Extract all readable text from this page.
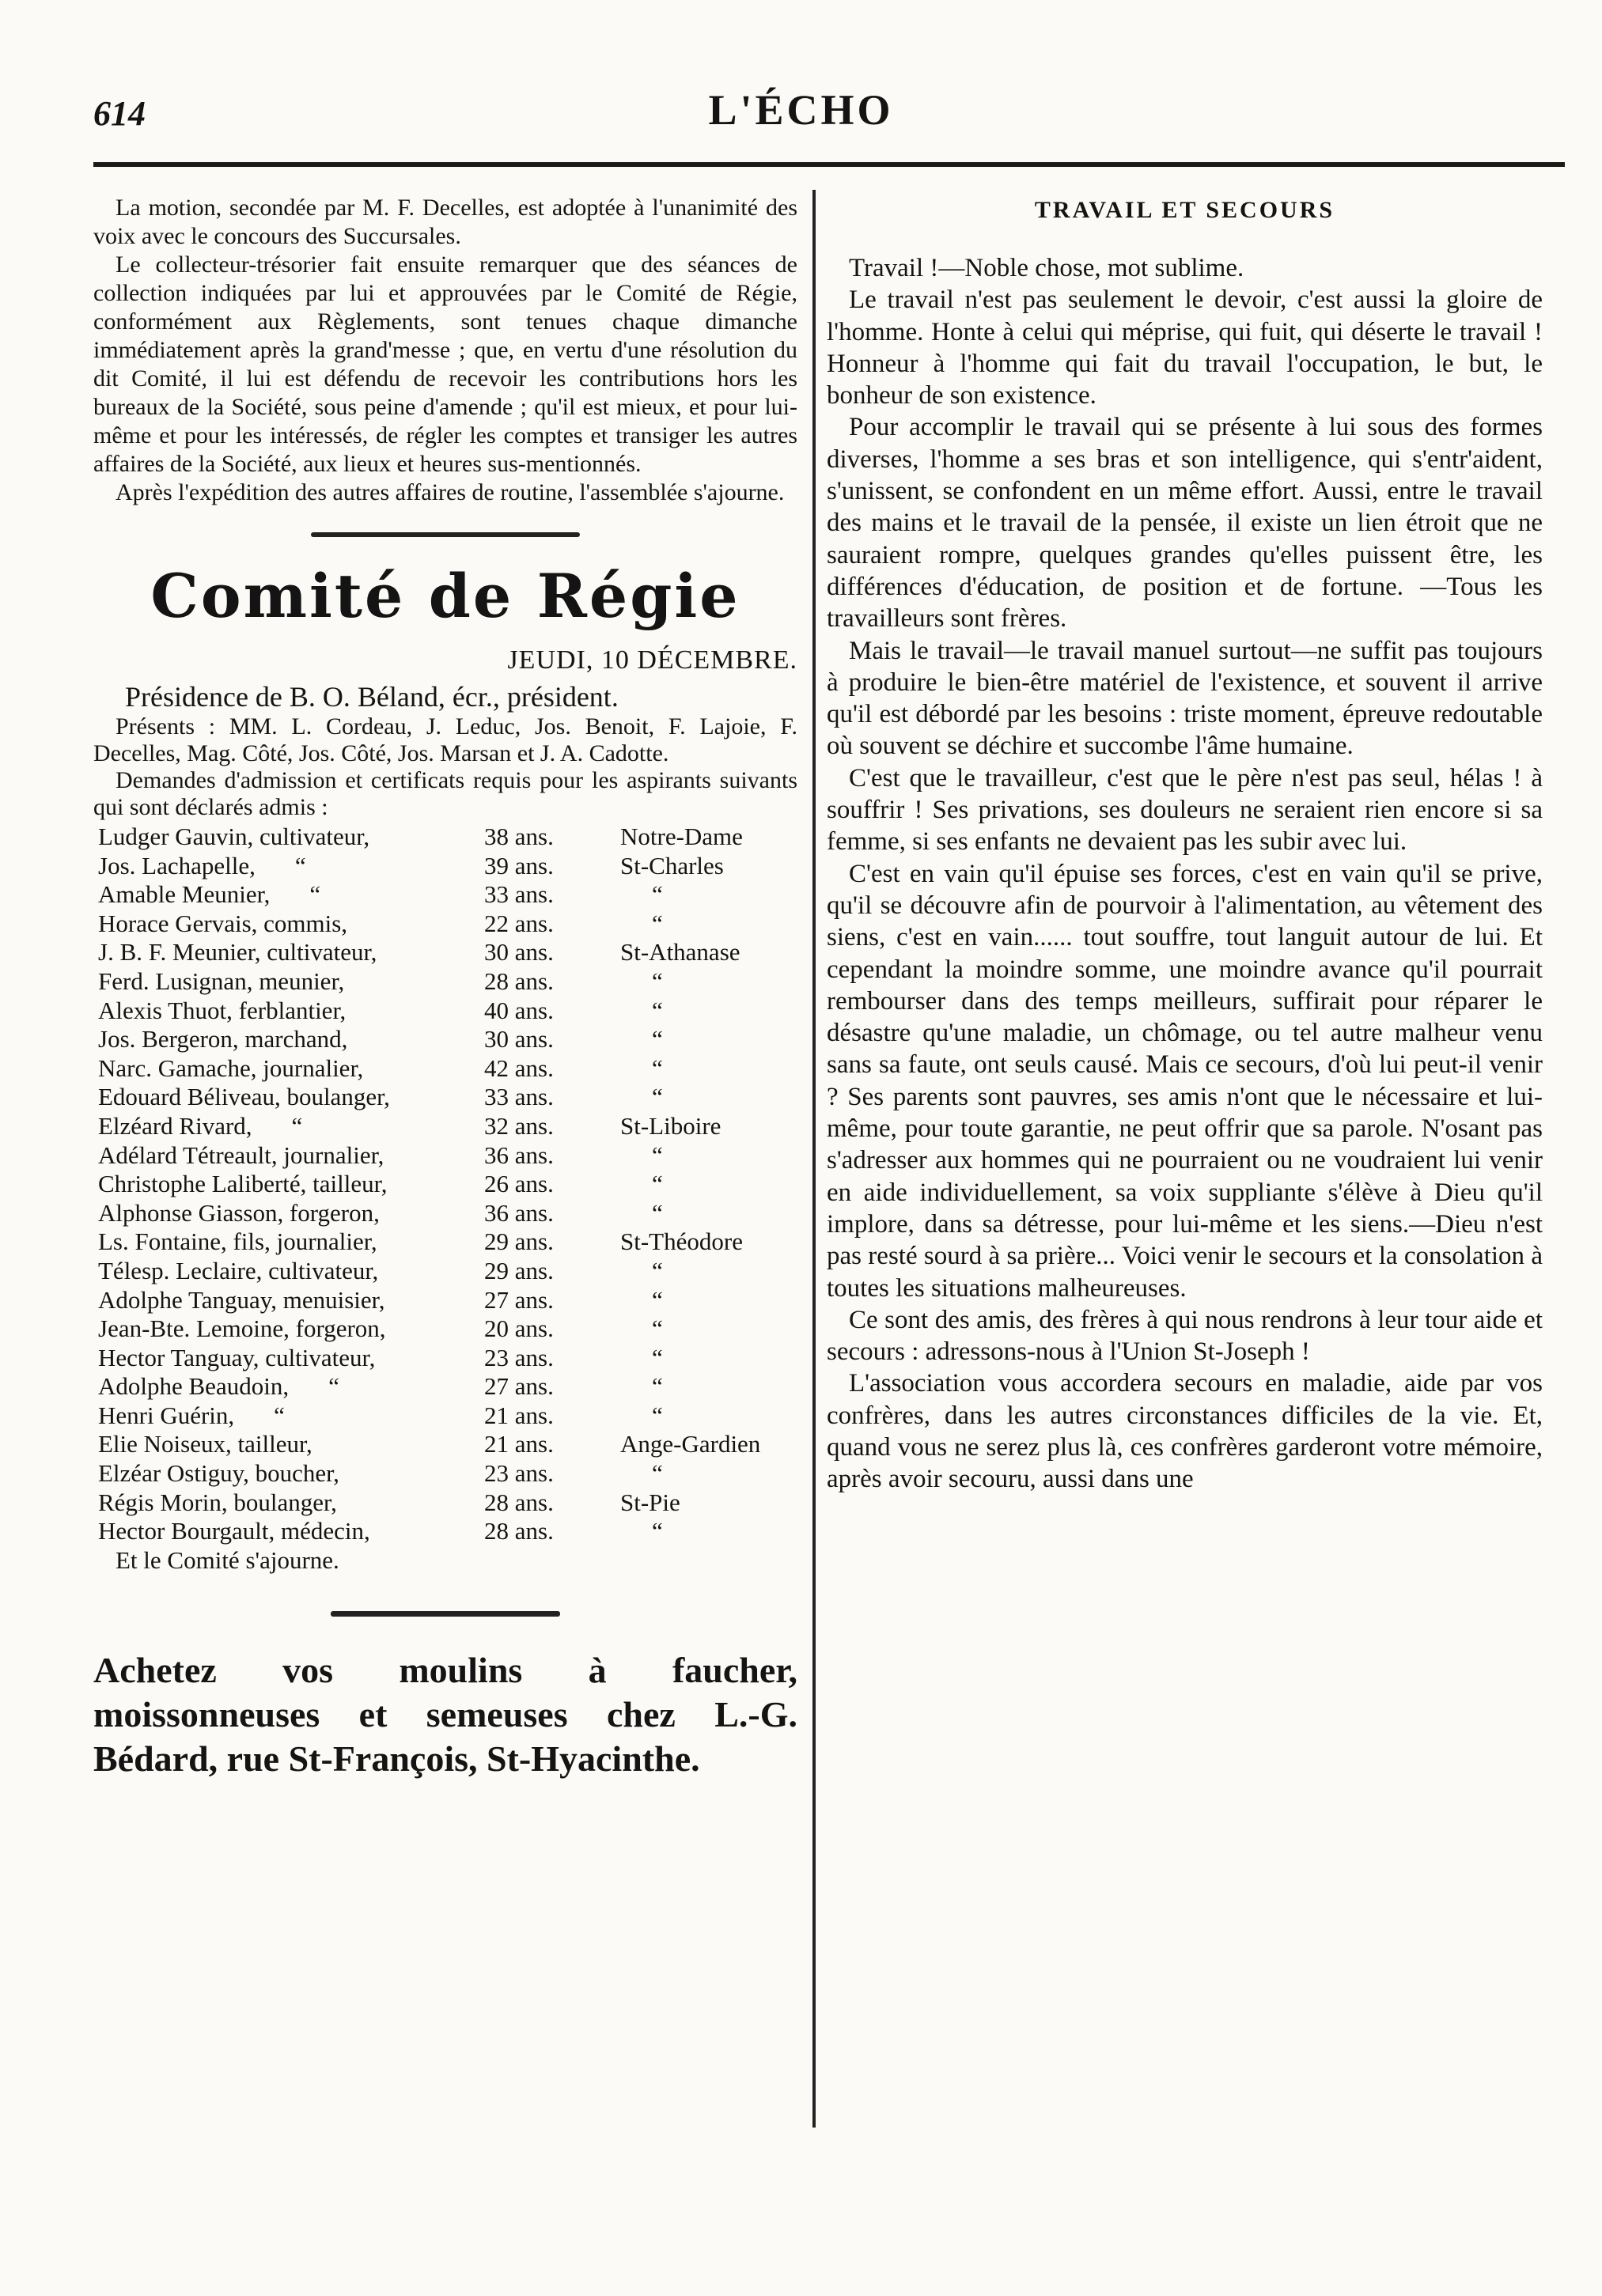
614	L'ÉCHO

La motion, secondée par M. F. Decelles, est adoptée à l'unanimité des voix avec le concours des Succursales.

Le collecteur-trésorier fait ensuite remarquer que des séances de collection indiquées par lui et approuvées par le Comité de Régie, conformément aux Règlements, sont tenues chaque dimanche immédiatement après la grand'messe ; que, en vertu d'une résolution du dit Comité, il lui est défendu de recevoir les contributions hors les bureaux de la Société, sous peine d'amende ; qu'il est mieux, et pour lui-même et pour les intéressés, de régler les comptes et transiger les autres affaires de la Société, aux lieux et heures sus-mentionnés.

Après l'expédition des autres affaires de routine, l'assemblée s'ajourne.

Comité de Régie
JEUDI, 10 DÉCEMBRE.

Présidence de B. O. Béland, écr., président.

Présents : MM. L. Cordeau, J. Leduc, Jos. Benoit, F. Lajoie, F. Decelles, Mag. Côté, Jos. Côté, Jos. Marsan et J. A. Cadotte.

Demandes d'admission et certificats requis pour les aspirants suivants qui sont déclarés admis :

Ludger Gauvin, cultivateur,	38 ans.	Notre-Dame
Jos. Lachapelle, “	39 ans.	St-Charles
Amable Meunier, “	33 ans.	“
Horace Gervais, commis,	22 ans.	“
J. B. F. Meunier, cultivateur,	30 ans.	St-Athanase
Ferd. Lusignan, meunier,	28 ans.	“
Alexis Thuot, ferblantier,	40 ans.	“
Jos. Bergeron, marchand,	30 ans.	“
Narc. Gamache, journalier,	42 ans.	“
Edouard Béliveau, boulanger,	33 ans.	“
Elzéard Rivard, “	32 ans.	St-Liboire
Adélard Tétreault, journalier,	36 ans.	“
Christophe Laliberté, tailleur,	26 ans.	“
Alphonse Giasson, forgeron,	36 ans.	“
Ls. Fontaine, fils, journalier,	29 ans.	St-Théodore
Télesp. Leclaire, cultivateur,	29 ans.	“
Adolphe Tanguay, menuisier,	27 ans.	“
Jean-Bte. Lemoine, forgeron,	20 ans.	“
Hector Tanguay, cultivateur,	23 ans.	“
Adolphe Beaudoin, “	27 ans.	“
Henri Guérin, “	21 ans.	“
Elie Noiseux, tailleur,	21 ans.	Ange-Gardien
Elzéar Ostiguy, boucher,	23 ans.	“
Régis Morin, boulanger,	28 ans.	St-Pie
Hector Bourgault, médecin,	28 ans.	“

Et le Comité s'ajourne.

Achetez vos moulins à faucher, moissonneuses et semeuses chez L.-G. Bédard, rue St-François, St-Hyacinthe.

TRAVAIL ET SECOURS

Travail !—Noble chose, mot sublime.

Le travail n'est pas seulement le devoir, c'est aussi la gloire de l'homme. Honte à celui qui méprise, qui fuit, qui déserte le travail ! Honneur à l'homme qui fait du travail l'occupation, le but, le bonheur de son existence.

Pour accomplir le travail qui se présente à lui sous des formes diverses, l'homme a ses bras et son intelligence, qui s'entr'aident, s'unissent, se confondent en un même effort. Aussi, entre le travail des mains et le travail de la pensée, il existe un lien étroit que ne sauraient rompre, quelques grandes qu'elles puissent être, les différences d'éducation, de position et de fortune. —Tous les travailleurs sont frères.

Mais le travail—le travail manuel surtout—ne suffit pas toujours à produire le bien-être matériel de l'existence, et souvent il arrive qu'il est débordé par les besoins : triste moment, épreuve redoutable où souvent se déchire et succombe l'âme humaine.

C'est que le travailleur, c'est que le père n'est pas seul, hélas ! à souffrir ! Ses privations, ses douleurs ne seraient rien encore si sa femme, si ses enfants ne devaient pas les subir avec lui.

C'est en vain qu'il épuise ses forces, c'est en vain qu'il se prive, qu'il se découvre afin de pourvoir à l'alimentation, au vêtement des siens, c'est en vain...... tout souffre, tout languit autour de lui. Et cependant la moindre somme, une moindre avance qu'il pourrait rembourser dans des temps meilleurs, suffirait pour réparer le désastre qu'une maladie, un chômage, ou tel autre malheur venu sans sa faute, ont seuls causé. Mais ce secours, d'où lui peut-il venir ? Ses parents sont pauvres, ses amis n'ont que le nécessaire et lui-même, pour toute garantie, ne peut offrir que sa parole. N'osant pas s'adresser aux hommes qui ne pourraient ou ne voudraient lui venir en aide individuellement, sa voix suppliante s'élève à Dieu qu'il implore, dans sa détresse, pour lui-même et les siens.—Dieu n'est pas resté sourd à sa prière... Voici venir le secours et la consolation à toutes les situations malheureuses.

Ce sont des amis, des frères à qui nous rendrons à leur tour aide et secours : adressons-nous à l'Union St-Joseph !

L'association vous accordera secours en maladie, aide par vos confrères, dans les autres circonstances difficiles de la vie. Et, quand vous ne serez plus là, ces confrères garderont votre mémoire, après avoir secouru, aussi dans une
